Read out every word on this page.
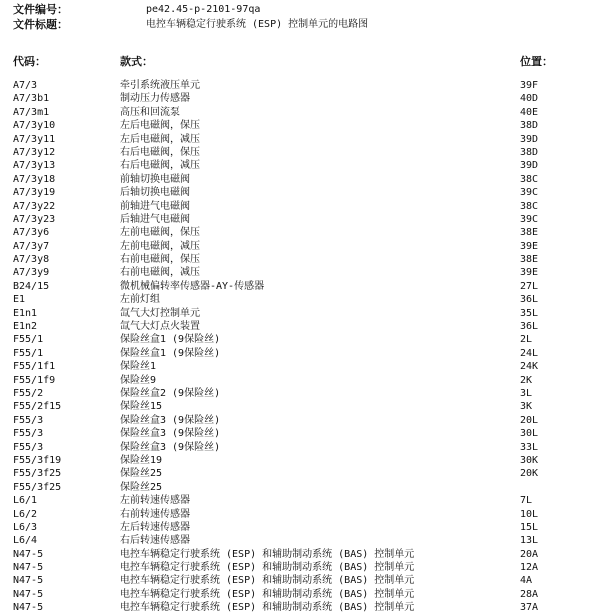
文件编号：	pe42.45-p-2101-97qa
文件标题：	电控车辆稳定行驶系统 (ESP) 控制单元的电路图
代码：	款式：	位置：
A7/3	牵引系统液压单元	39F
A7/3b1	制动压力传感器	40D
A7/3m1	高压和回流泵	40E
A7/3y10	左后电磁阀，保压	38D
A7/3y11	左后电磁阀，减压	39D
A7/3y12	右后电磁阀，保压	38D
A7/3y13	右后电磁阀，减压	39D
A7/3y18	前轴切换电磁阀	38C
A7/3y19	后轴切换电磁阀	39C
A7/3y22	前轴进气电磁阀	38C
A7/3y23	后轴进气电磁阀	39C
A7/3y6	左前电磁阀，保压	38E
A7/3y7	左前电磁阀，减压	39E
A7/3y8	右前电磁阀，保压	38E
A7/3y9	右前电磁阀，减压	39E
B24/15	微机械偏转率传感器-AY-传感器	27L
E1	左前灯组	36L
E1n1	氙气大灯控制单元	35L
E1n2	氙气大灯点火装置	36L
F55/1	保险丝盒1 (9保险丝)	2L
F55/1	保险丝盒1 (9保险丝)	24L
F55/1f1	保险丝1	24K
F55/1f9	保险丝9	2K
F55/2	保险丝盒2 (9保险丝)	3L
F55/2f15	保险丝15	3K
F55/3	保险丝盒3 (9保险丝)	20L
F55/3	保险丝盒3 (9保险丝)	30L
F55/3	保险丝盒3 (9保险丝)	33L
F55/3f19	保险丝19	30K
F55/3f25	保险丝25	20K
F55/3f25	保险丝25
L6/1	左前转速传感器	7L
L6/2	右前转速传感器	10L
L6/3	左后转速传感器	15L
L6/4	右后转速传感器	13L
N47-5	电控车辆稳定行驶系统 (ESP) 和辅助制动系统 (BAS) 控制单元	20A
N47-5	电控车辆稳定行驶系统 (ESP) 和辅助制动系统 (BAS) 控制单元	12A
N47-5	电控车辆稳定行驶系统 (ESP) 和辅助制动系统 (BAS) 控制单元	4A
N47-5	电控车辆稳定行驶系统 (ESP) 和辅助制动系统 (BAS) 控制单元	28A
N47-5	电控车辆稳定行驶系统 (ESP) 和辅助制动系统 (BAS) 控制单元	37A
